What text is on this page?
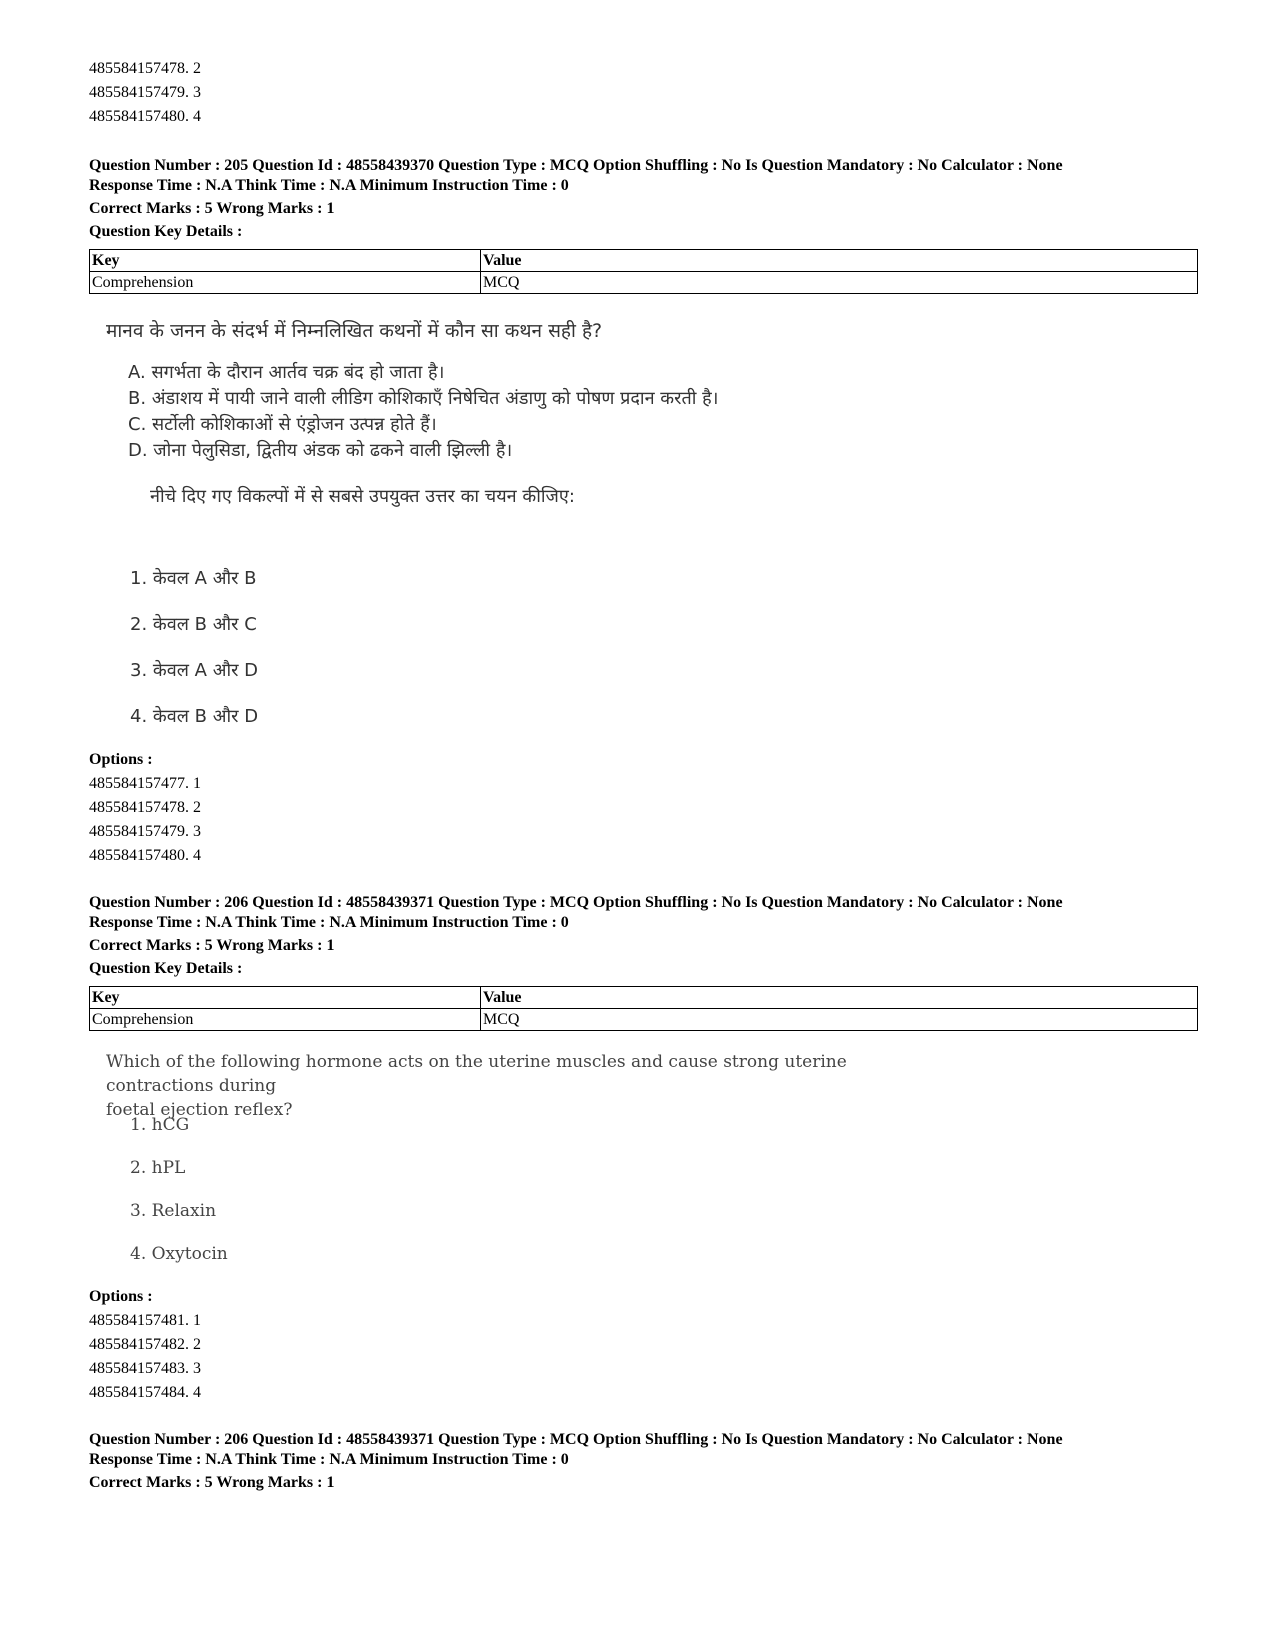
485584157478. 2
485584157479. 3
485584157480. 4
Question Number : 205 Question Id : 48558439370 Question Type : MCQ Option Shuffling : No Is Question Mandatory : No Calculator : None
Response Time : N.A Think Time : N.A Minimum Instruction Time : 0
Correct Marks : 5 Wrong Marks : 1
Question Key Details :
Key	Value
Comprehension	MCQ
मानव के जनन के संदर्भ में निम्नलिखित कथनों में कौन सा कथन सही है?
A. सगर्भता के दौरान आर्तव चक्र बंद हो जाता है।
B. अंडाशय में पायी जाने वाली लीडिग कोशिकाएँ निषेचित अंडाणु को पोषण प्रदान करती है।
C. सर्टोली कोशिकाओं से एंड्रोजन उत्पन्न होते हैं।
D. जोना पेलुसिडा, द्वितीय अंडक को ढकने वाली झिल्ली है।
नीचे दिए गए विकल्पों में से सबसे उपयुक्त उत्तर का चयन कीजिए:
1. केवल A और B
2. केवल B और C
3. केवल A और D
4. केवल B और D
Options :
485584157477. 1
485584157478. 2
485584157479. 3
485584157480. 4
Question Number : 206 Question Id : 48558439371 Question Type : MCQ Option Shuffling : No Is Question Mandatory : No Calculator : None
Response Time : N.A Think Time : N.A Minimum Instruction Time : 0
Correct Marks : 5 Wrong Marks : 1
Question Key Details :
Key	Value
Comprehension	MCQ
Which of the following hormone acts on the uterine muscles and cause strong uterine contractions during
foetal ejection reflex?
1. hCG
2. hPL
3. Relaxin
4. Oxytocin
Options :
485584157481. 1
485584157482. 2
485584157483. 3
485584157484. 4
Question Number : 206 Question Id : 48558439371 Question Type : MCQ Option Shuffling : No Is Question Mandatory : No Calculator : None
Response Time : N.A Think Time : N.A Minimum Instruction Time : 0
Correct Marks : 5 Wrong Marks : 1
